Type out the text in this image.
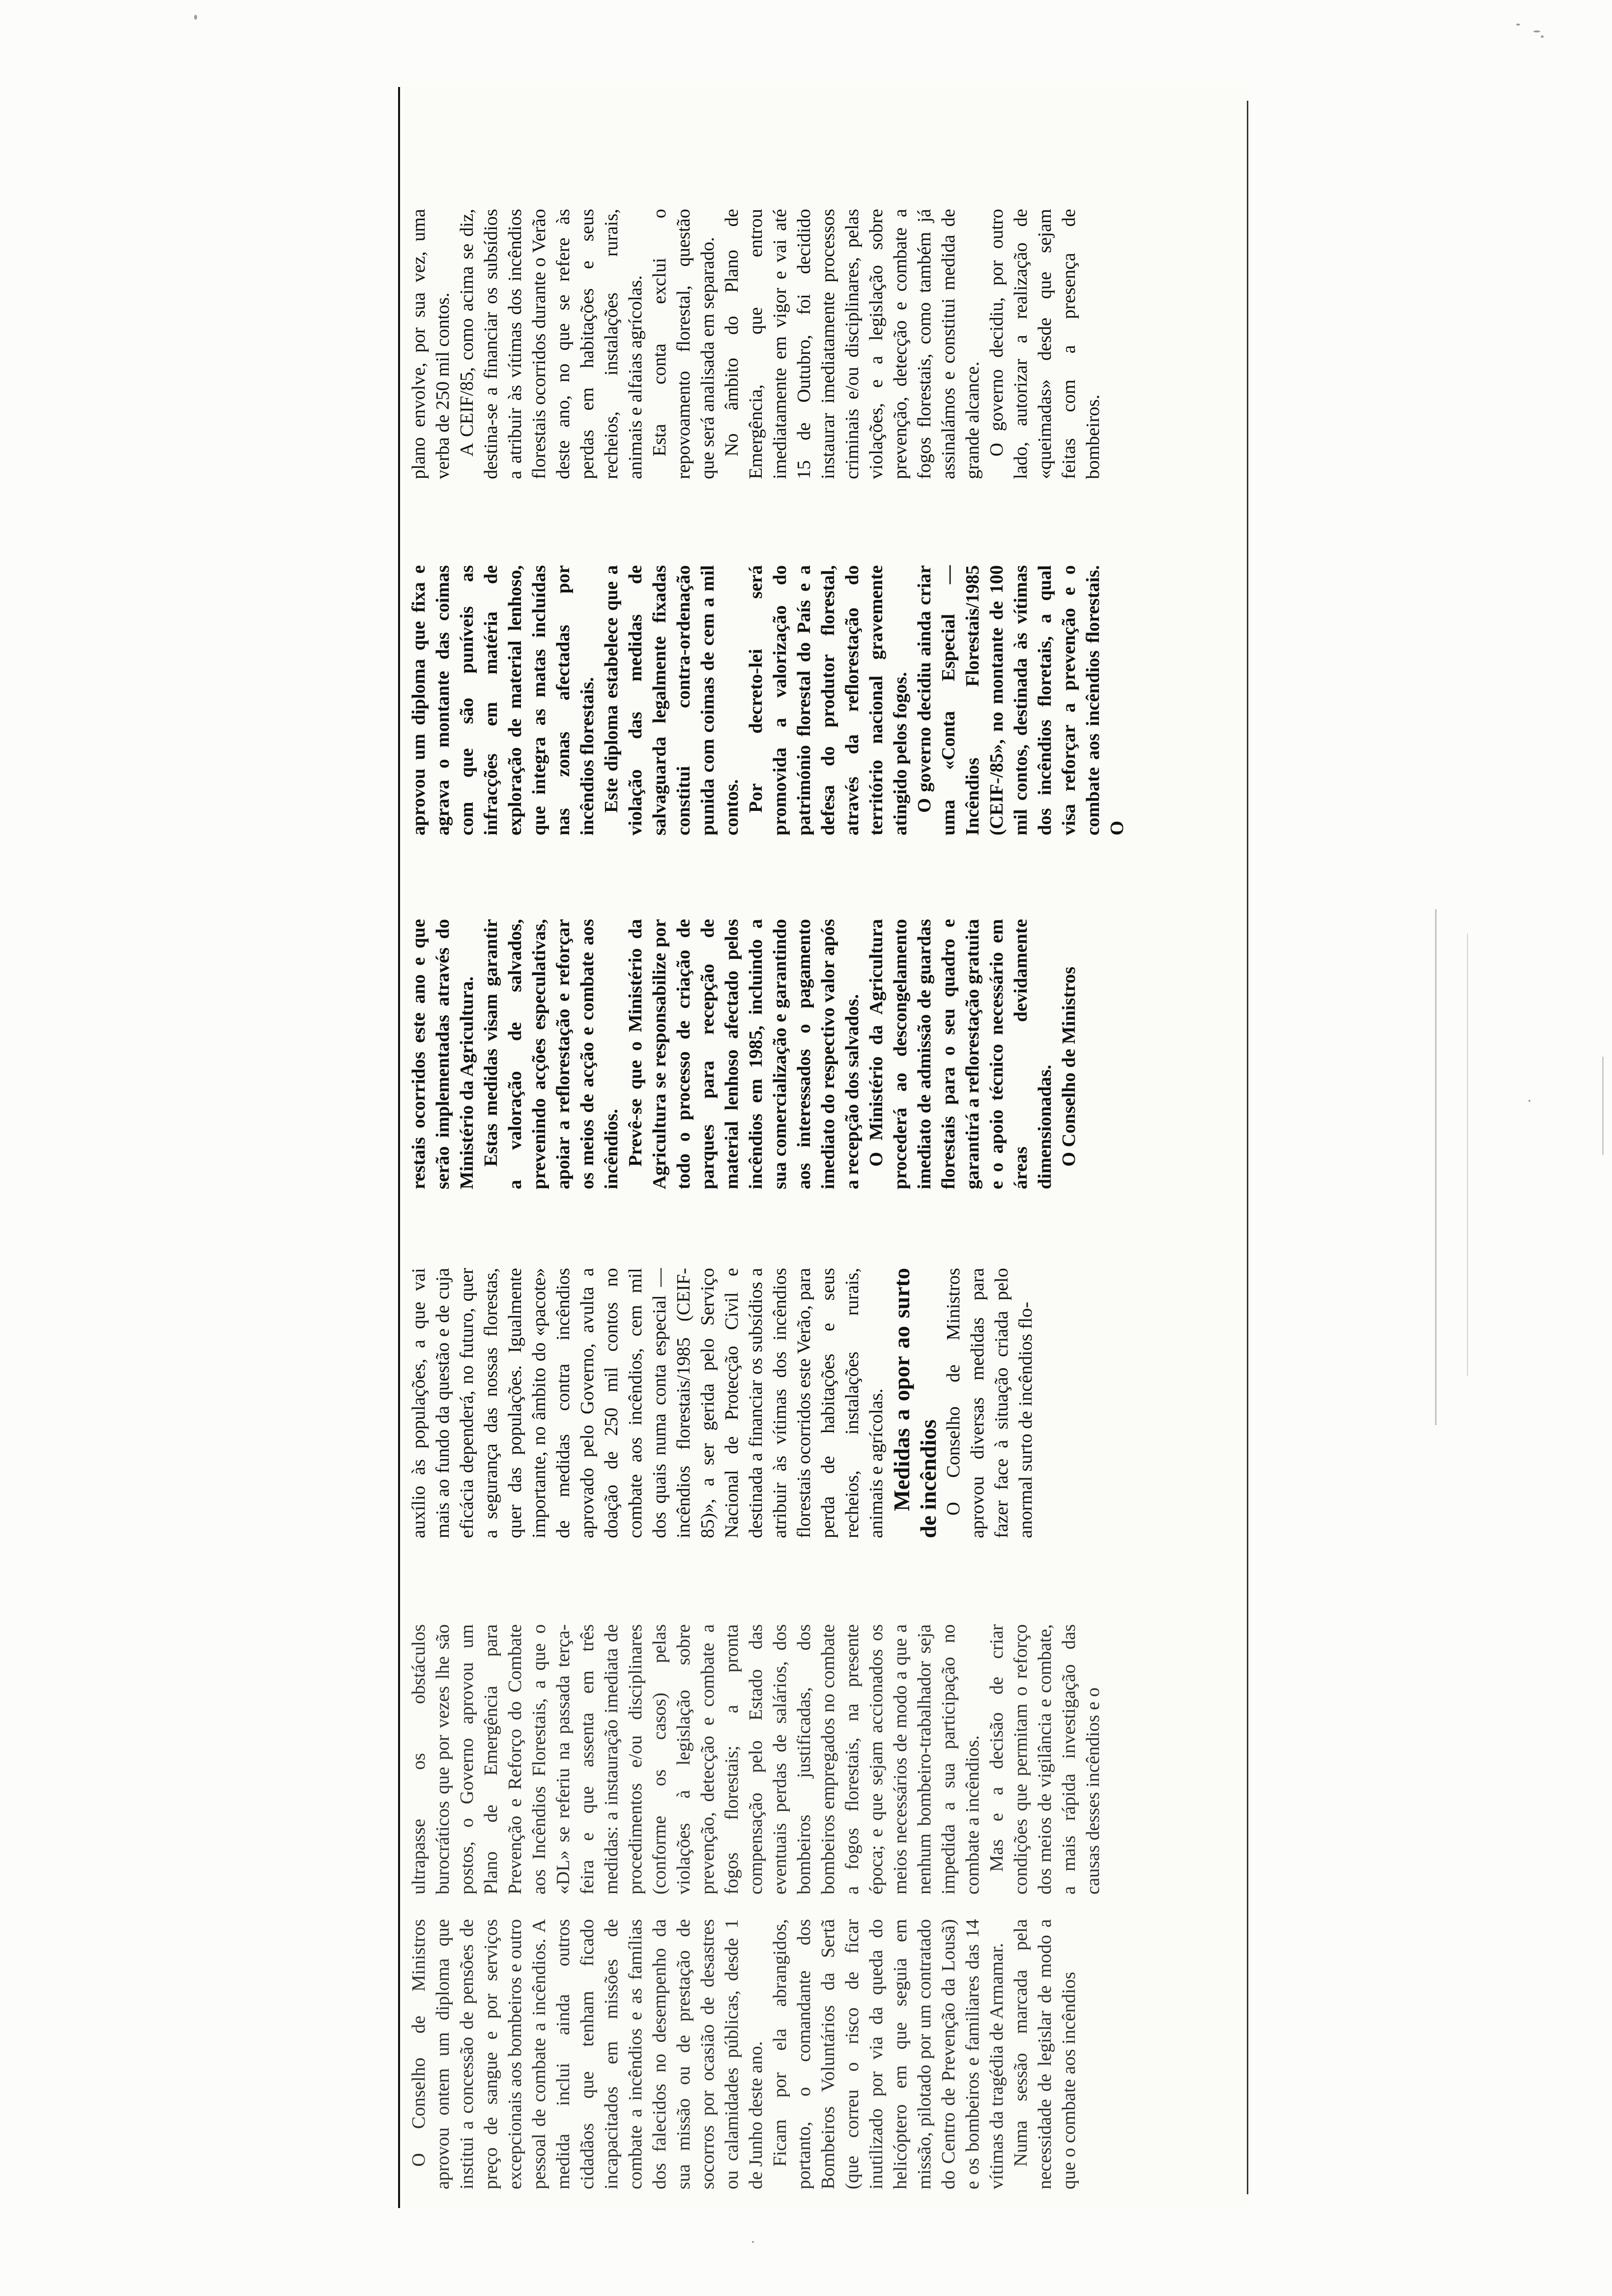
O Conselho de Ministros aprovou ontem um diploma que institui a concessão de pensões de preço de sangue e por serviços excepcionais aos bombeiros e outro pessoal de combate a incêndios. A medida inclui ainda outros cidadãos que tenham ficado incapacitados em missões de combate a incêndios e as famílias dos falecidos no desempenho da sua missão ou de prestação de socorros por ocasião de desastres ou calamidades públicas, desde 1 de Junho deste ano. Ficam por ela abrangidos, portanto, o comandante dos Bombeiros Voluntários da Sertã (que correu o risco de ficar inutilizado por via da queda do helicóptero em que seguia em missão, pilotado por um contratado do Centro de Prevenção da Lousã) e os bombeiros e familiares das 14 vítimas da tragédia de Armamar. Numa sessão marcada pela necessidade de legislar de modo a que o combate aos incêndios

ultrapasse os obstáculos burocráticos que por vezes lhe são postos, o Governo aprovou um Plano de Emergência para Prevenção e Reforço do Combate aos Incêndios Florestais, a que o «DL» se referiu na passada terça-feira e que assenta em três medidas: a instauração imediata de procedimentos e/ou disciplinares (conforme os casos) pelas violações à legislação sobre prevenção, detecção e combate a fogos florestais; a pronta compensação pelo Estado das eventuais perdas de salários, dos bombeiros justificadas, dos bombeiros empregados no combate a fogos florestais, na presente época; e que sejam accionados os meios necessários de modo a que a nenhum bombeiro-trabalhador seja impedida a sua participação no combate a incêndios. Mas e a decisão de criar condições que permitam o reforço dos meios de vigilância e combate, a mais rápida investigação das causas desses incêndios e o

auxílio às populações, a que vai mais ao fundo da questão e de cuja eficácia dependerá, no futuro, quer a segurança das nossas florestas, quer das populações. Igualmente importante, no âmbito do «pacote» de medidas contra incêndios aprovado pelo Governo, avulta a doação de 250 mil contos no combate aos incêndios, cem mil dos quais numa conta especial — incêndios florestais/1985 (CEIF-85)», a ser gerida pelo Serviço Nacional de Protecção Civil e destinada a financiar os subsídios a atribuir às vítimas dos incêndios florestais ocorridos este Verão, para perda de habitações e seus recheios, instalações rurais, animais e agrícolas. Medidas a opor ao surto de incêndios O Conselho de Ministros aprovou diversas medidas para fazer face à situação criada pelo anormal surto de incêndios flo-

restais ocorridos este ano e que serão implementadas através do Ministério da Agricultura. Estas medidas visam garantir a valoração de salvados, prevenindo acções especulativas, apoiar a reflorestação e reforçar os meios de acção e combate aos incêndios. Prevê-se que o Ministério da Agricultura se responsabilize por todo o processo de criação de parques para recepção de material lenhoso afectado pelos incêndios em 1985, incluindo a sua comercialização e garantindo aos interessados o pagamento imediato do respectivo valor após a recepção dos salvados. O Ministério da Agricultura procederá ao descongelamento imediato de admissão de guardas florestais para o seu quadro e garantirá a reflorestação gratuita e o apoio técnico necessário em áreas devidamente dimensionadas. O Conselho de Ministros

aprovou um diploma que fixa e agrava o montante das coimas com que são puníveis as infracções em matéria de exploração de material lenhoso, que integra as matas incluídas nas zonas afectadas por incêndios florestais. Este diploma estabelece que a violação das medidas de salvaguarda legalmente fixadas constitui contra-ordenação punida com coimas de cem a mil contos. Por decreto-lei será promovida a valorização do património florestal do País e a defesa do produtor florestal, através da reflorestação do território nacional gravemente atingido pelos fogos. O governo decidiu ainda criar uma «Conta Especial — Incêndios Florestais/1985 (CEIF-/85», no montante de 100 mil contos, destinada às vítimas dos incêndios floretais, a qual visa reforçar a prevenção e o combate aos incêndios florestais. O

plano envolve, por sua vez, uma verba de 250 mil contos. A CEIF/85, como acima se diz, destina-se a financiar os subsídios a atribuir às vítimas dos incêndios florestais ocorridos durante o Verão deste ano, no que se refere às perdas em habitações e seus recheios, instalações rurais, animais e alfaias agrícolas. Esta conta exclui o repovoamento florestal, questão que será analisada em separado. No âmbito do Plano de Emergência, que entrou imediatamente em vigor e vai até 15 de Outubro, foi decidido instaurar imediatamente processos criminais e/ou disciplinares, pelas violações, e a legislação sobre prevenção, detecção e combate a fogos florestais, como também já assinalámos e constitui medida de grande alcance. O governo decidiu, por outro lado, autorizar a realização de «queimadas» desde que sejam feitas com a presença de bombeiros.
